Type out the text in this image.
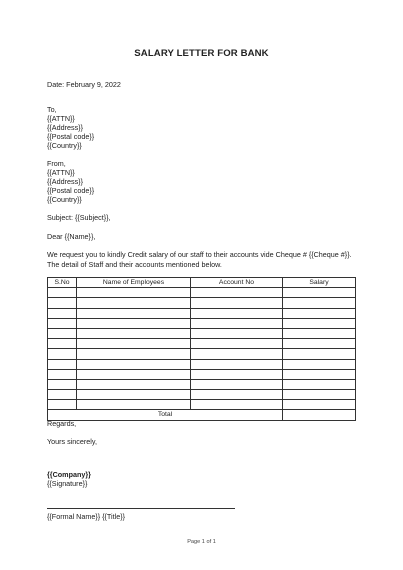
SALARY LETTER FOR BANK
Date: February 9, 2022
To,
{{ATTN}}
{{Address}}
{{Postal code}}
{{Country}}
From,
{{ATTN}}
{{Address}}
{{Postal code}}
{{Country}}
Subject: {{Subject}},
Dear {{Name}},
We request you to kindly Credit salary of our staff to their accounts vide Cheque # {{Cheque #}}. The detail of Staff and their accounts mentioned below.
S.No	Name of Employees	Account No	Salary

Total			
Regards,
Yours sincerely,
{{Company}}
{{Signature}}
{{Formal Name}} {{Title}}
Page 1 of 1
